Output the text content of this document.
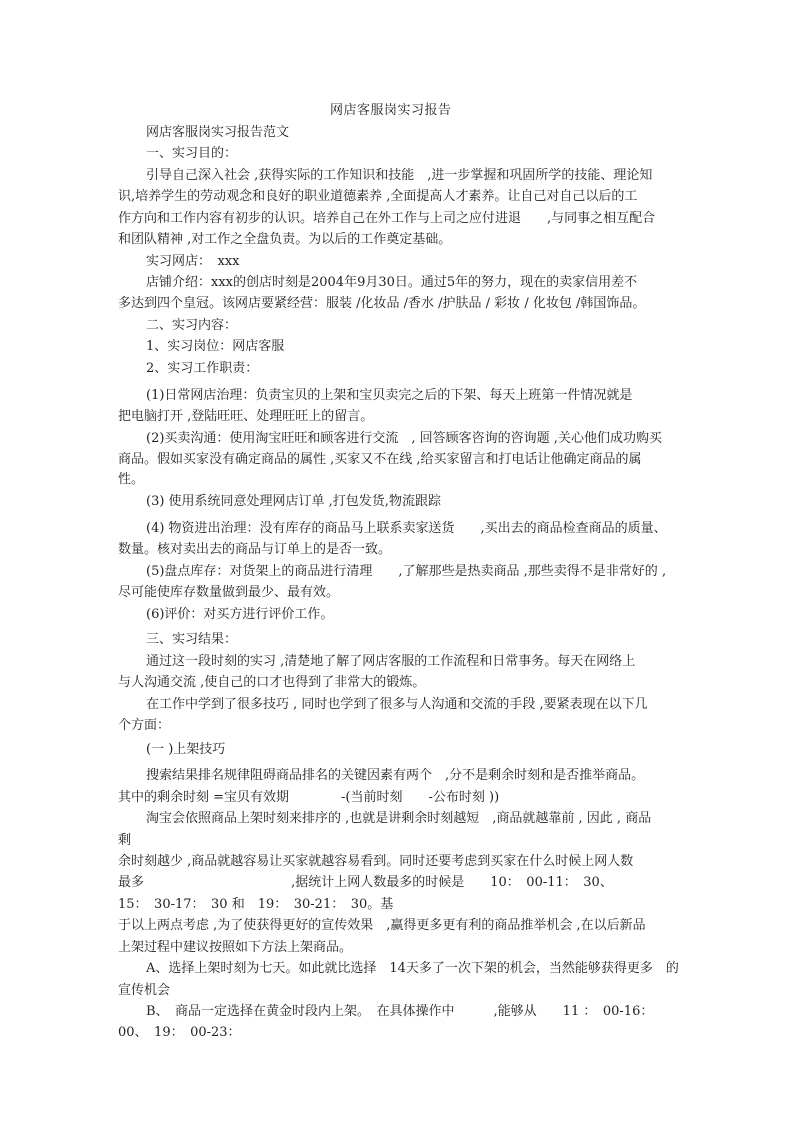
网店客服岗实习报告
网店客服岗实习报告范文
一、实习目的：
引导自己深入社会 ,获得实际的工作知识和技能　,进一步掌握和巩固所学的技能、理论知
识,培养学生的劳动观念和良好的职业道德素养 ,全面提高人才素养。让自己对自己以后的工
作方向和工作内容有初步的认识。培养自己在外工作与上司之应付进退　　,与同事之相互配合
和团队精神 ,对工作之全盘负责。为以后的工作奠定基础。
实习网店：　xxx
店铺介绍：xxx的创店时刻是2004年9月30日。通过5年的努力，现在的卖家信用差不
多达到四个皇冠。该网店要紧经营：服装 /化妆品 /香水 /护肤品 / 彩妆 / 化妆包 /韩国饰品。
二、实习内容：
1、实习岗位：网店客服
2、实习工作职责：
(1)日常网店治理：负责宝贝的上架和宝贝卖完之后的下架、每天上班第一件情况就是
把电脑打开 ,登陆旺旺、处理旺旺上的留言。
(2)买卖沟通：使用淘宝旺旺和顾客进行交流　, 回答顾客咨询的咨询题 ,关心他们成功购买
商品。假如买家没有确定商品的属性 ,买家又不在线 ,给买家留言和打电话让他确定商品的属
性。
(3) 使用系统同意处理网店订单 ,打包发货,物流跟踪
(4) 物资进出治理：没有库存的商品马上联系卖家送货　　,买出去的商品检查商品的质量、
数量。核对卖出去的商品与订单上的是否一致。
(5)盘点库存：对货架上的商品进行清理　　,了解那些是热卖商品 ,那些卖得不是非常好的 ,
尽可能使库存数量做到最少、最有效。
(6)评价：对买方进行评价工作。
三、实习结果：
通过这一段时刻的实习 ,清楚地了解了网店客服的工作流程和日常事务。每天在网络上
与人沟通交流 ,使自己的口才也得到了非常大的锻炼。
在工作中学到了很多技巧 , 同时也学到了很多与人沟通和交流的手段 ,要紧表现在以下几
个方面：
(一 )上架技巧
搜索结果排名规律阻碍商品排名的关键因素有两个　,分不是剩余时刻和是否推举商品。
其中的剩余时刻 =宝贝有效期　　　　-(当前时刻　　-公布时刻 ))
淘宝会依照商品上架时刻来排序的 ,也就是讲剩余时刻越短　,商品就越靠前 , 因此 , 商品
剩
余时刻越少 ,商品就越容易让买家就越容易看到。同时还要考虑到买家在什么时候上网人数
最多　　　　　　　　　　　 ,据统计上网人数最多的时候是　　10：　00-11：　30、
15：　30-17：　30 和　19：　30-21：　30。基
于以上两点考虑 ,为了使获得更好的宣传效果　,赢得更多更有利的商品推举机会 ,在以后新品
上架过程中建议按照如下方法上架商品。
A、选择上架时刻为七天。如此就比选择　14天多了一次下架的机会，当然能够获得更多　的
宣传机会
B、　商品一定选择在黄金时段内上架。　在具体操作中　　　,能够从　　11 ：　00-16：
00、　19：　00-23：
